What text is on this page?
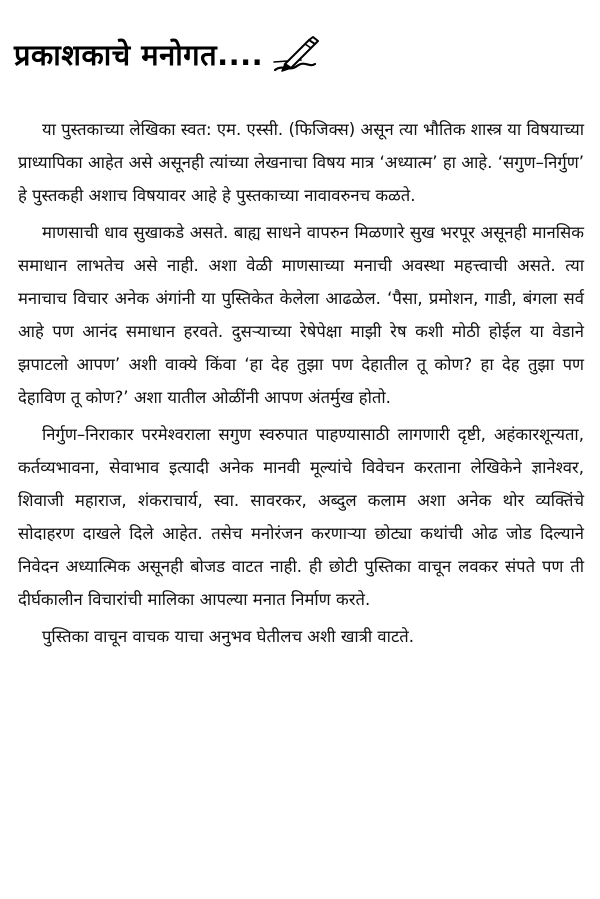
प्रकाशकाचे मनोगत....

या पुस्तकाच्या लेखिका स्वत: एम. एस्सी. (फिजिक्स) असून त्या भौतिक शास्त्र या विषयाच्या प्राध्यापिका आहेत असे असूनही त्यांच्या लेखनाचा विषय मात्र ‘अध्यात्म’ हा आहे. ‘सगुण–निर्गुण’ हे पुस्तकही अशाच विषयावर आहे हे पुस्तकाच्या नावावरुनच कळते.

माणसाची धाव सुखाकडे असते. बाह्य साधने वापरुन मिळणारे सुख भरपूर असूनही मानसिक समाधान लाभतेच असे नाही. अशा वेळी माणसाच्या मनाची अवस्था महत्त्वाची असते. त्या मनाचाच विचार अनेक अंगांनी या पुस्तिकेत केलेला आढळेल. ‘पैसा, प्रमोशन, गाडी, बंगला सर्व आहे पण आनंद समाधान हरवते. दुसऱ्याच्या रेषेपेक्षा माझी रेष कशी मोठी होईल या वेडाने झपाटलो आपण’ अशी वाक्ये किंवा ‘हा देह तुझा पण देहातील तू कोण? हा देह तुझा पण देहाविण तू कोण?’ अशा यातील ओळींनी आपण अंतर्मुख होतो.

निर्गुण–निराकार परमेश्वराला सगुण स्वरुपात पाहण्यासाठी लागणारी दृष्टी, अहंकारशून्यता, कर्तव्यभावना, सेवाभाव इत्यादी अनेक मानवी मूल्यांचे विवेचन करताना लेखिकेने ज्ञानेश्वर, शिवाजी महाराज, शंकराचार्य, स्वा. सावरकर, अब्दुल कलाम अशा अनेक थोर व्यक्तिंचे सोदाहरण दाखले दिले आहेत. तसेच मनोरंजन करणाऱ्या छोट्या कथांची ओढ जोड दिल्याने निवेदन अध्यात्मिक असूनही बोजड वाटत नाही. ही छोटी पुस्तिका वाचून लवकर संपते पण ती दीर्घकालीन विचारांची मालिका आपल्या मनात निर्माण करते.

पुस्तिका वाचून वाचक याचा अनुभव घेतीलच अशी खात्री वाटते.
